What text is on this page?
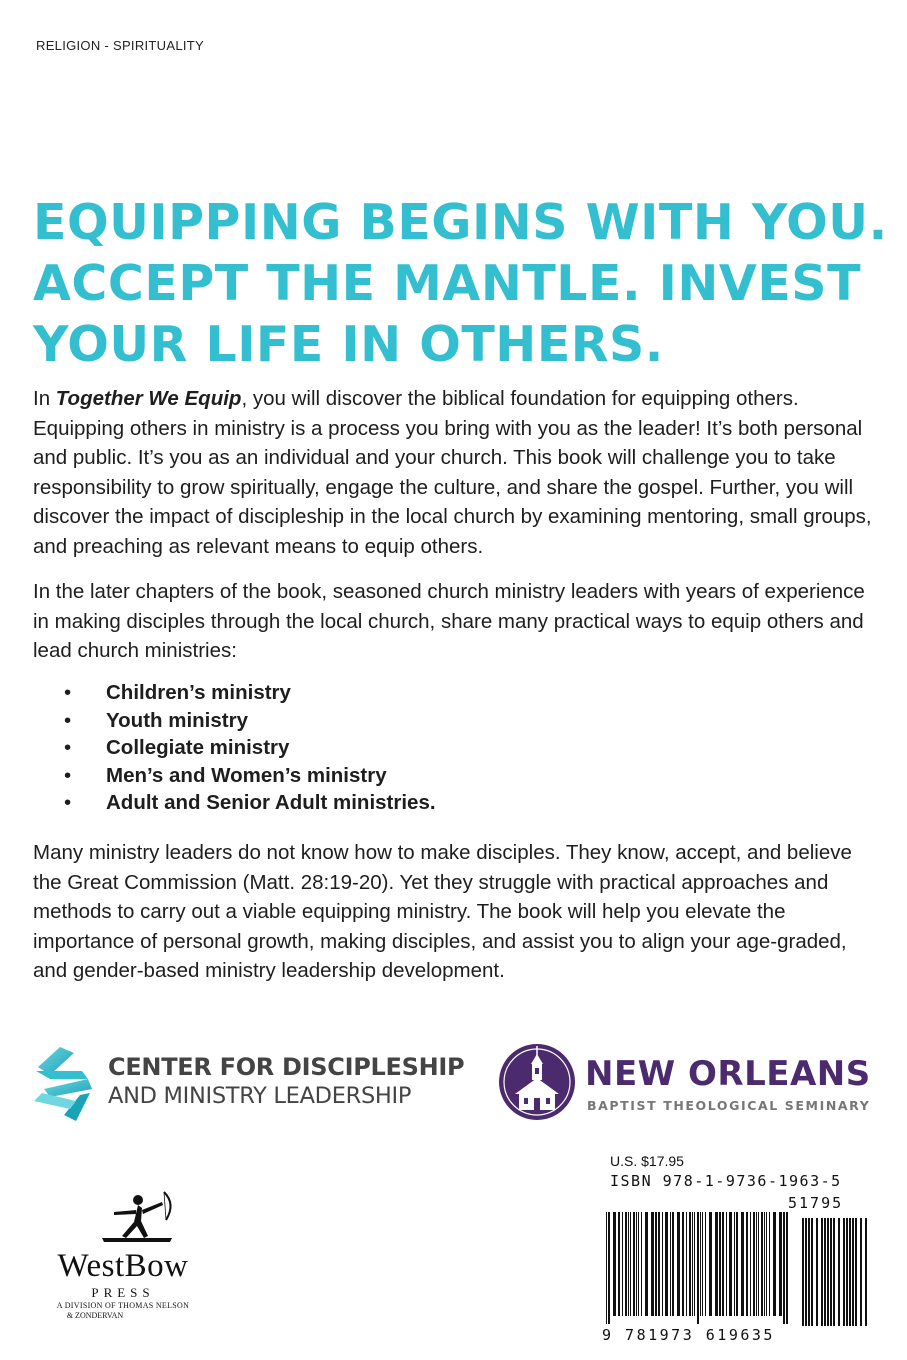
RELIGION - SPIRITUALITY
EQUIPPING BEGINS WITH YOU.
ACCEPT THE MANTLE. INVEST
YOUR LIFE IN OTHERS.
In Together We Equip, you will discover the biblical foundation for equipping others. Equipping others in ministry is a process you bring with you as the leader! It’s both personal and public. It’s you as an individual and your church. This book will challenge you to take responsibility to grow spiritually, engage the culture, and share the gospel. Further, you will discover the impact of discipleship in the local church by examining mentoring, small groups, and preaching as relevant means to equip others.
In the later chapters of the book, seasoned church ministry leaders with years of experience in making disciples through the local church, share many practical ways to equip others and lead church ministries:
• Children’s ministry
• Youth ministry
• Collegiate ministry
• Men’s and Women’s ministry
• Adult and Senior Adult ministries.
Many ministry leaders do not know how to make disciples. They know, accept, and believe the Great Commission (Matt. 28:19-20). Yet they struggle with practical approaches and methods to carry out a viable equipping ministry. The book will help you elevate the importance of personal growth, making disciples, and assist you to align your age-graded, and gender-based ministry leadership development.
CENTER FOR DISCIPLESHIP
AND MINISTRY LEADERSHIP
NEW ORLEANS
BAPTIST THEOLOGICAL SEMINARY
WestBow
PRESS
A DIVISION OF THOMAS NELSON
& ZONDERVAN
U.S. $17.95
ISBN 978-1-9736-1963-5
51795
9 781973 619635
